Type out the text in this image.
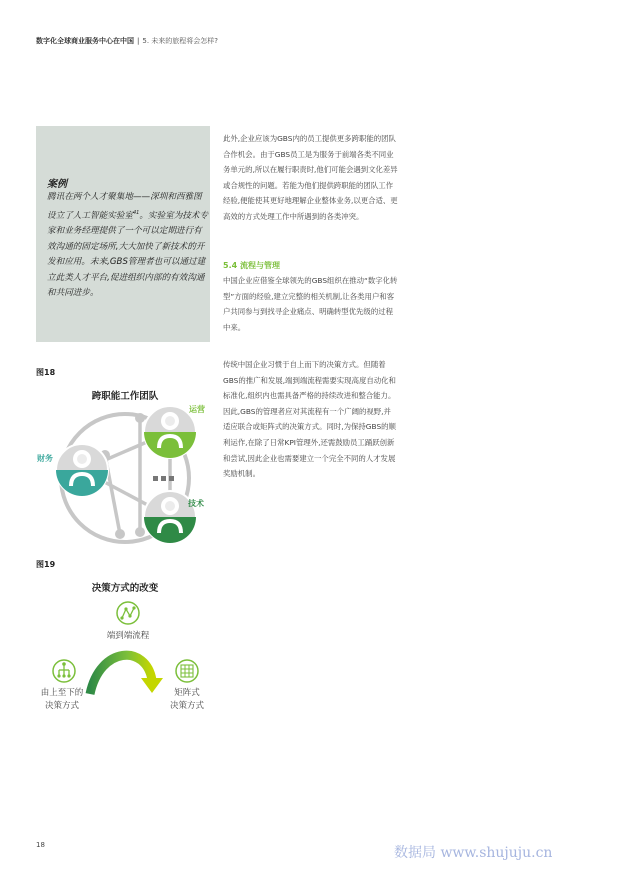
数字化全球商业服务中心在中国 | 5. 未来的旅程将会怎样?
案例
腾讯在两个人才聚集地——深圳和西雅图设立了人工智能实验室$^{41}$。实验室为技术专家和业务经理提供了一个可以定期进行有效沟通的固定场所,大大加快了新技术的开发和应用。未来,GBS管理者也可以通过建立此类人才平台,促进组织内部的有效沟通和共同进步。
此外,企业应该为GBS内的员工提供更多跨职能的团队合作机会。由于GBS员工是为服务于前端各类不同业务单元的,所以在履行职责时,他们可能会遇到文化差异或合规性的问题。若能为他们提供跨职能的团队工作经验,便能使其更好地理解企业整体业务,以更合适、更高效的方式处理工作中所遇到的各类冲突。
5.4 流程与管理
中国企业应借鉴全球领先的GBS组织在推动“数字化转型”方面的经验,建立完整的相关机制,让各类用户和客户共同参与到找寻企业痛点、明确转型优先级的过程中来。
传统中国企业习惯于自上而下的决策方式。但随着GBS的推广和发展,端到端流程需要实现高度自动化和标准化,组织内也需具备严格的持续改进和整合能力。因此,GBS的管理者应对其流程有一个广阔的视野,并适应联合或矩阵式的决策方式。同时,为保持GBS的顺利运作,在除了日常KPI管理外,还需鼓励员工踊跃创新和尝试,因此企业也需要建立一个完全不同的人才发展奖励机制。
图18
图19
跨职能工作团队
运营
财务
技术
决策方式的改变
端到端流程
由上至下的
决策方式
矩阵式
决策方式
18	数据局 www.shujuju.cn
